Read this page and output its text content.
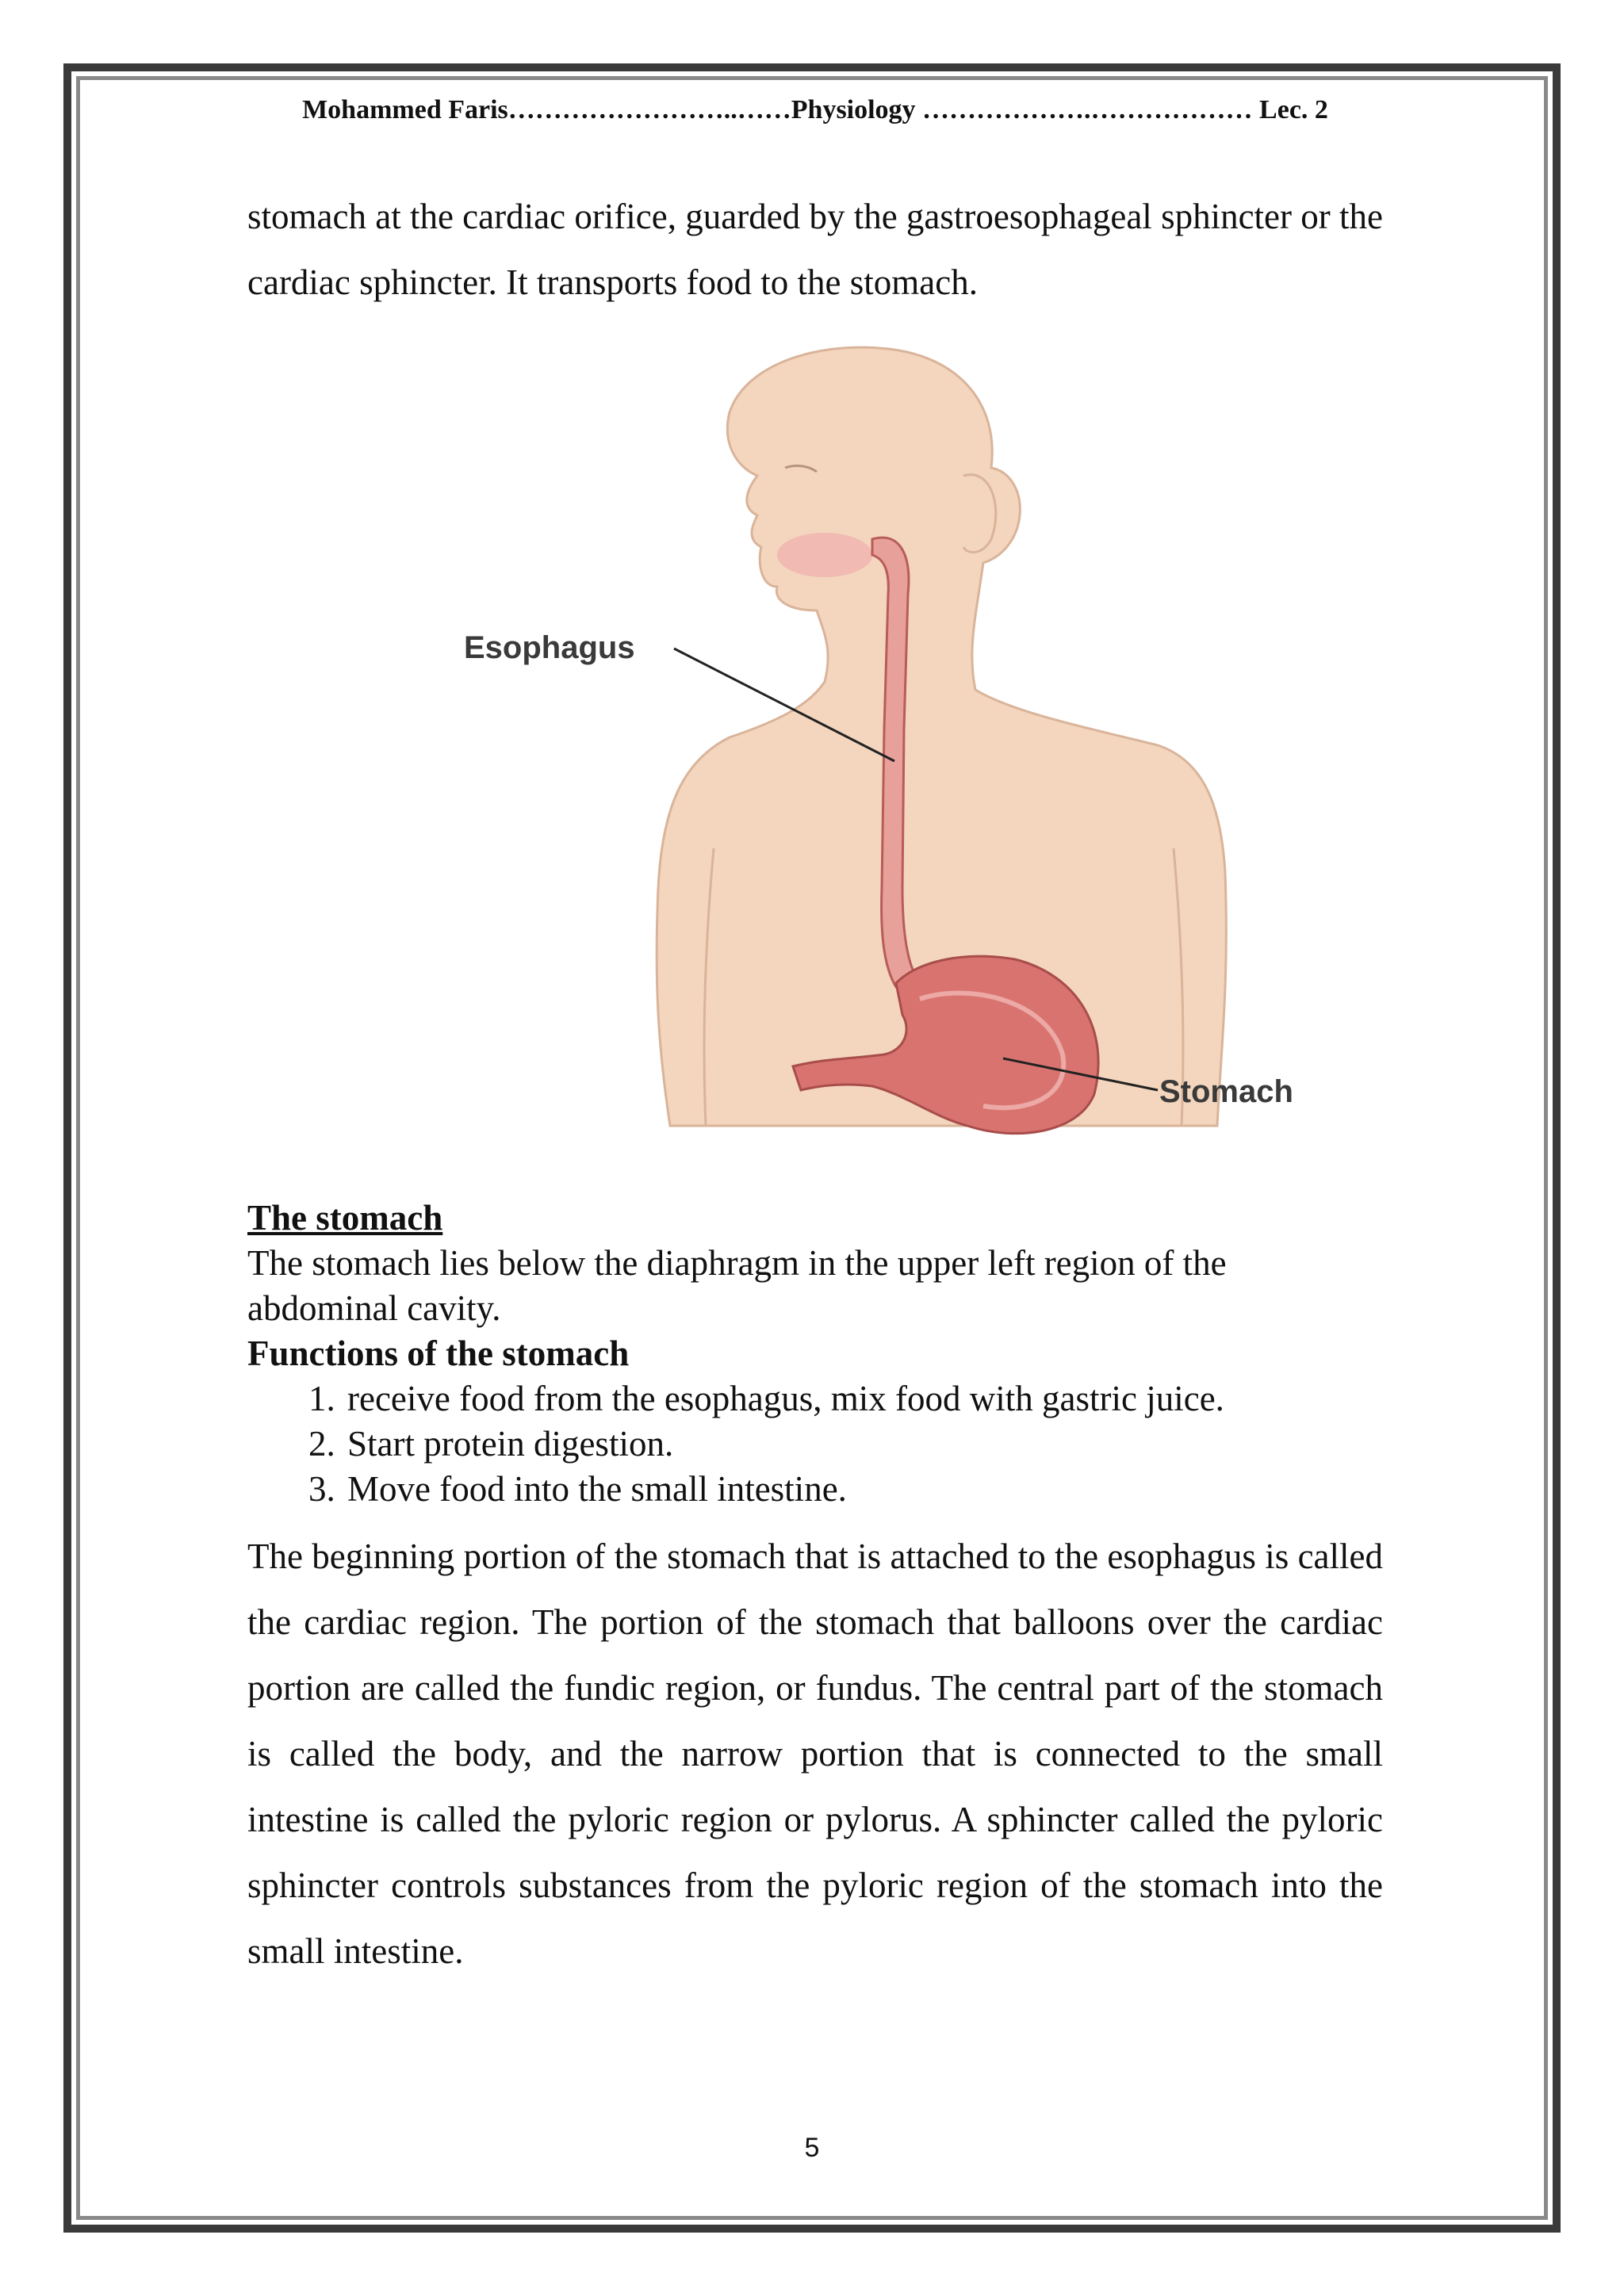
Mohammed Faris……………………..……Physiology ……………….……………… Lec. 2

stomach at the cardiac orifice, guarded by the gastroesophageal sphincter or the cardiac sphincter. It transports food to the stomach.

Esophagus
Stomach
The stomach
The stomach lies below the diaphragm in the upper left region of the abdominal cavity.
Functions of the stomach
1. receive food from the esophagus, mix food with gastric juice.
2. Start protein digestion.
3. Move food into the small intestine.

The beginning portion of the stomach that is attached to the esophagus is called the cardiac region. The portion of the stomach that balloons over the cardiac portion are called the fundic region, or fundus. The central part of the stomach is called the body, and the narrow portion that is connected to the small intestine is called the pyloric region or pylorus. A sphincter called the pyloric sphincter controls substances from the pyloric region of the stomach into the small intestine.

5
